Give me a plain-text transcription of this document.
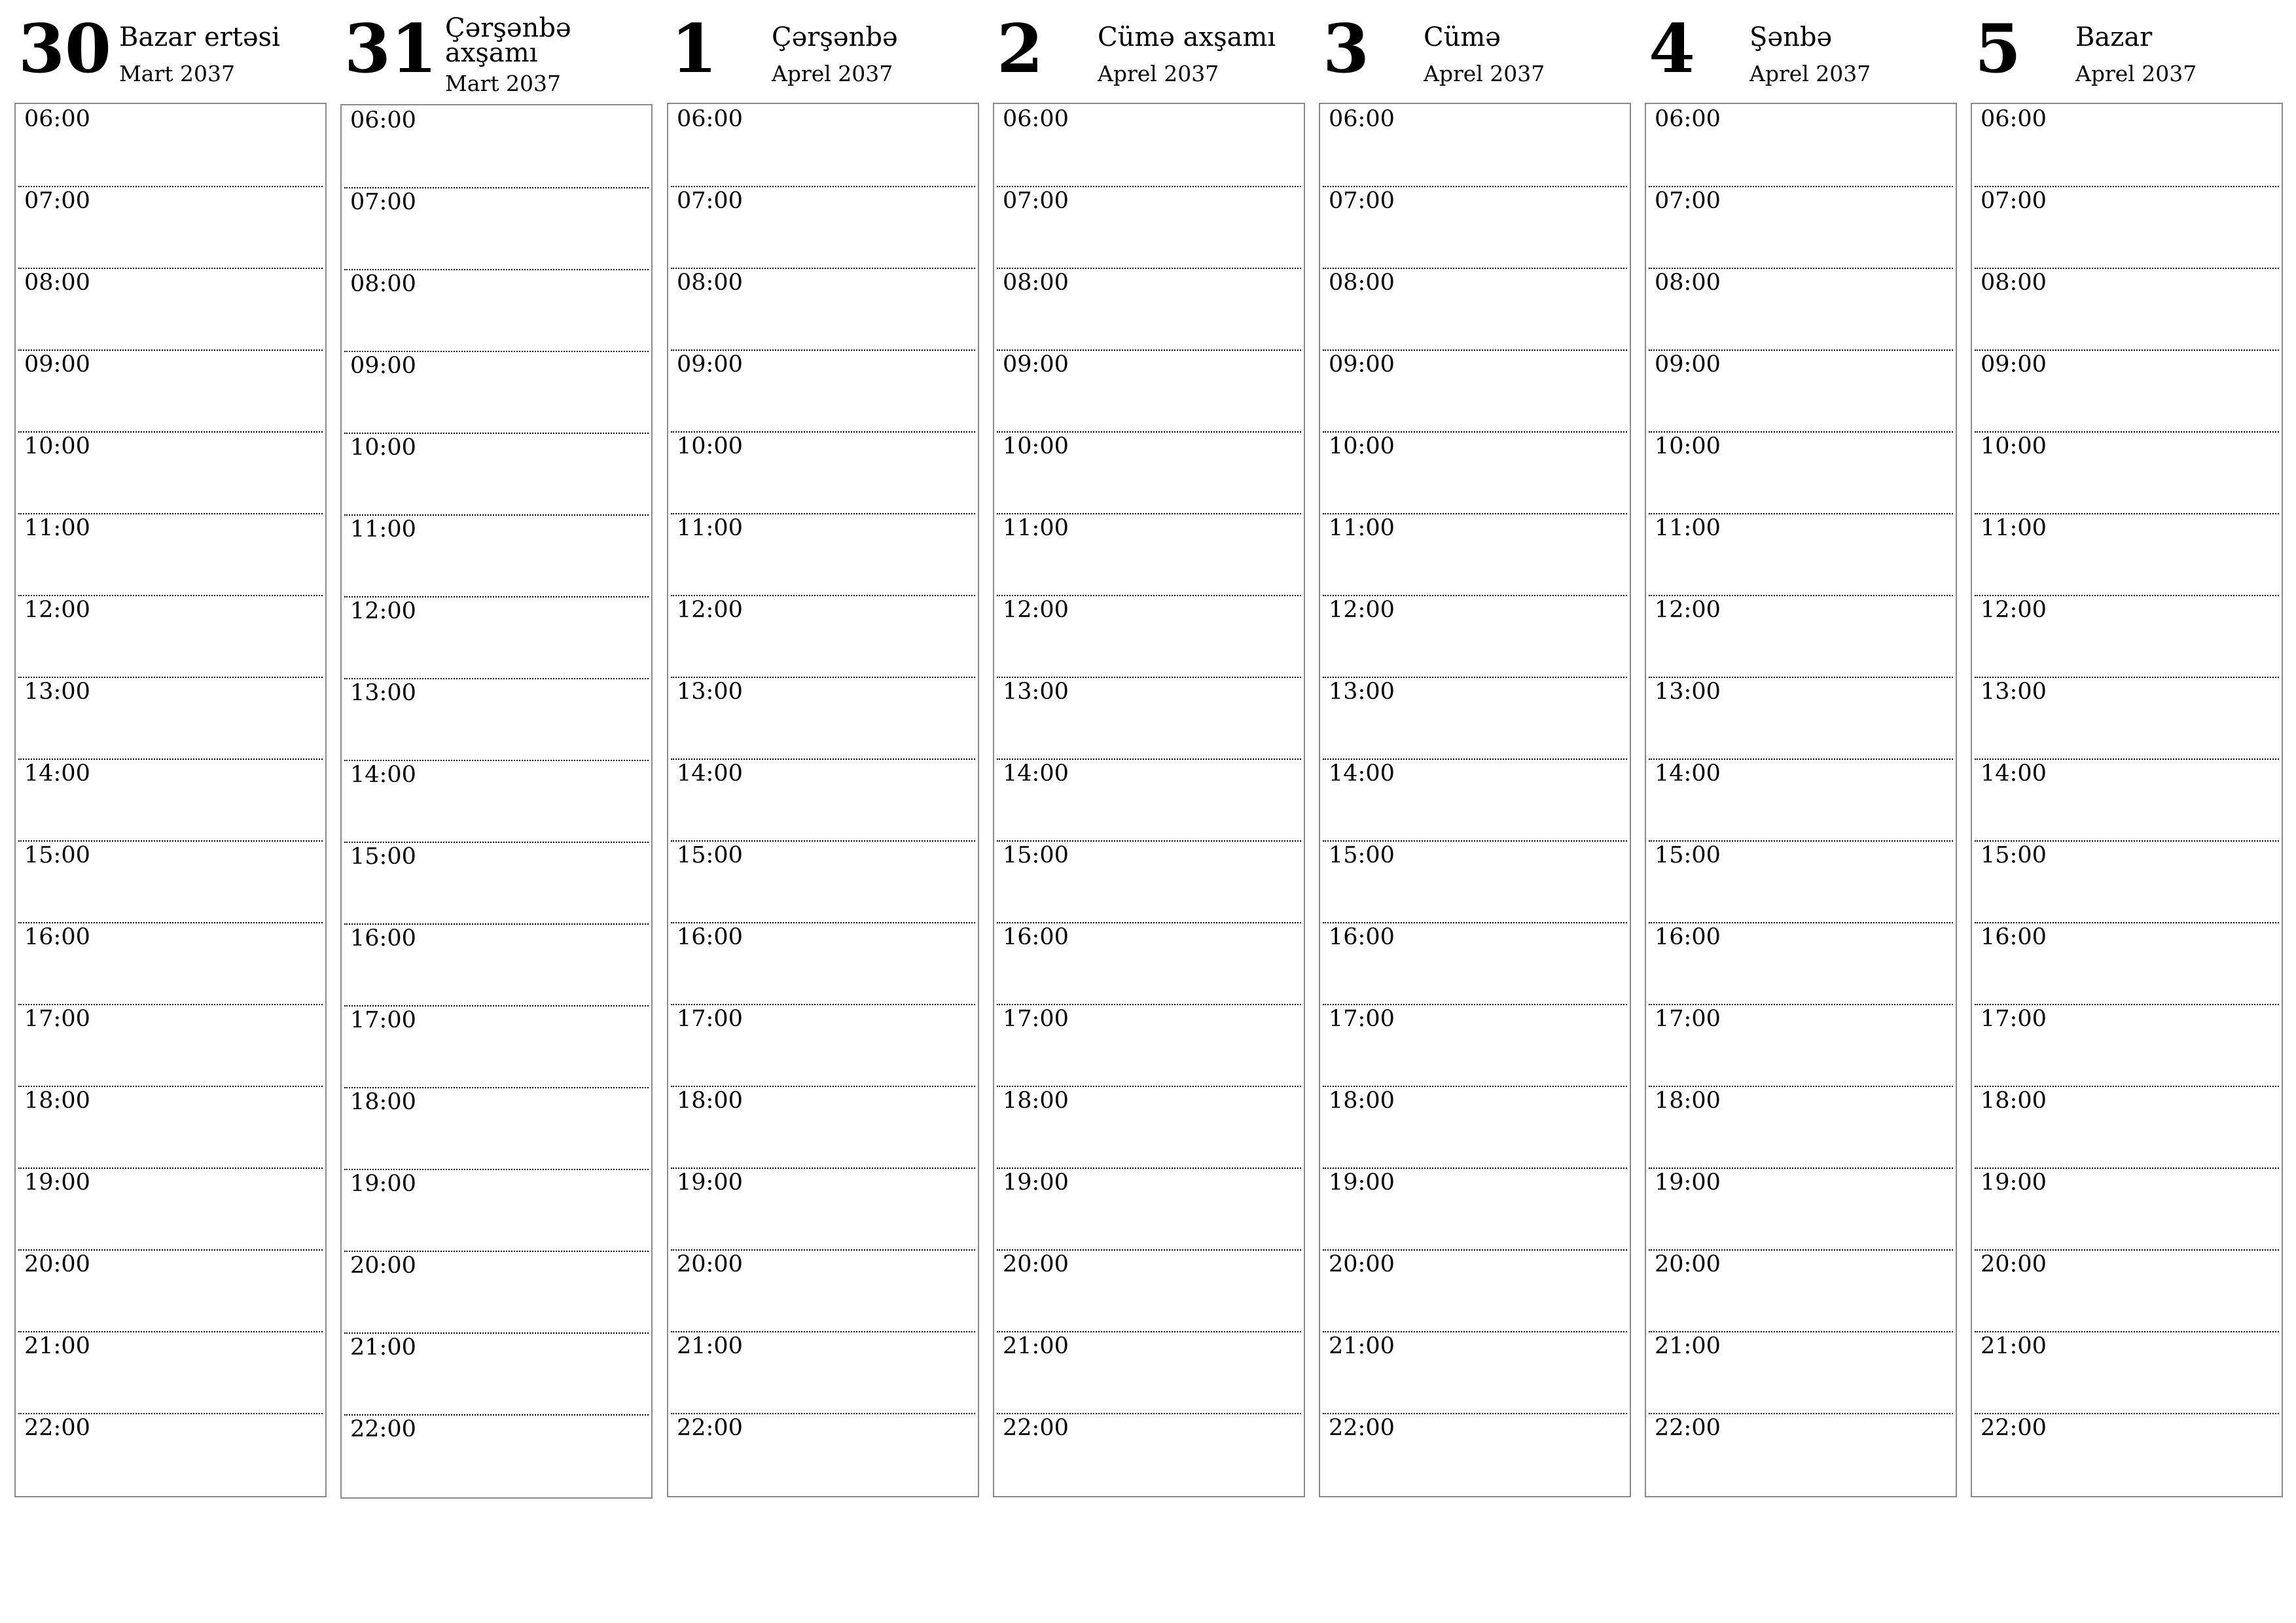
30 Bazar ertəsi
Mart 2037
06:00
07:00
08:00
09:00
10:00
11:00
12:00
13:00
14:00
15:00
16:00
17:00
18:00
19:00
20:00
21:00
22:00
31 Çərşənbə axşamı
Mart 2037
06:00
07:00
08:00
09:00
10:00
11:00
12:00
13:00
14:00
15:00
16:00
17:00
18:00
19:00
20:00
21:00
22:00
1 Çərşənbə
Aprel 2037
06:00
07:00
08:00
09:00
10:00
11:00
12:00
13:00
14:00
15:00
16:00
17:00
18:00
19:00
20:00
21:00
22:00
2 Cümə axşamı
Aprel 2037
06:00
07:00
08:00
09:00
10:00
11:00
12:00
13:00
14:00
15:00
16:00
17:00
18:00
19:00
20:00
21:00
22:00
3 Cümə
Aprel 2037
06:00
07:00
08:00
09:00
10:00
11:00
12:00
13:00
14:00
15:00
16:00
17:00
18:00
19:00
20:00
21:00
22:00
4 Şənbə
Aprel 2037
06:00
07:00
08:00
09:00
10:00
11:00
12:00
13:00
14:00
15:00
16:00
17:00
18:00
19:00
20:00
21:00
22:00
5 Bazar
Aprel 2037
06:00
07:00
08:00
09:00
10:00
11:00
12:00
13:00
14:00
15:00
16:00
17:00
18:00
19:00
20:00
21:00
22:00
